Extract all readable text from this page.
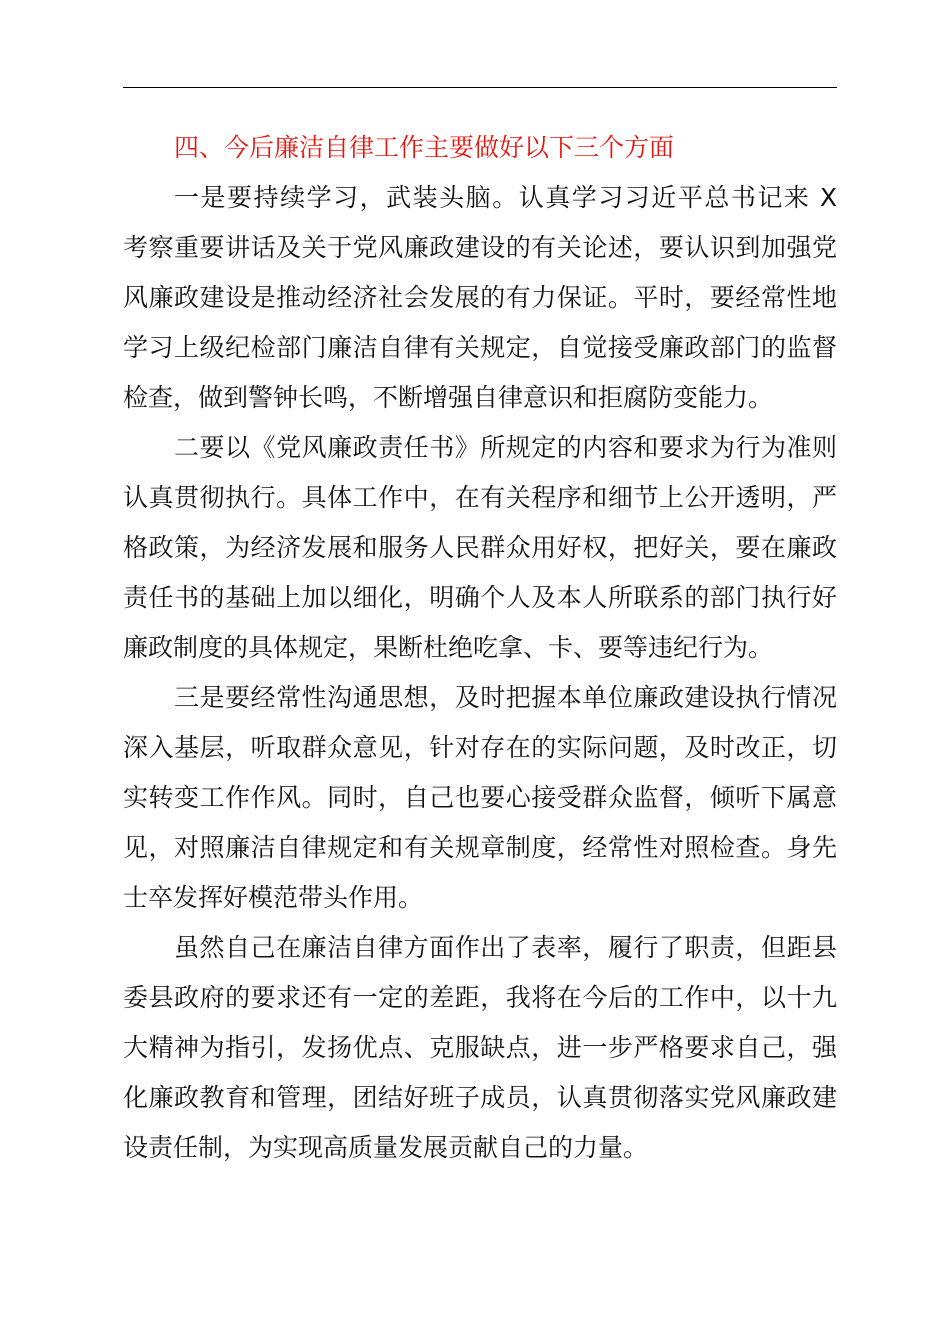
四、今后廉洁自律工作主要做好以下三个方面
一是要持续学习，武装头脑。认真学习习近平总书记来 X
考察重要讲话及关于党风廉政建设的有关论述，要认识到加强党
风廉政建设是推动经济社会发展的有力保证。平时，要经常性地
学习上级纪检部门廉洁自律有关规定，自觉接受廉政部门的监督
检查，做到警钟长鸣，不断增强自律意识和拒腐防变能力。
二要以《党风廉政责任书》所规定的内容和要求为行为准则
认真贯彻执行。具体工作中，在有关程序和细节上公开透明，严
格政策，为经济发展和服务人民群众用好权，把好关，要在廉政
责任书的基础上加以细化，明确个人及本人所联系的部门执行好
廉政制度的具体规定，果断杜绝吃拿、卡、要等违纪行为。
三是要经常性沟通思想，及时把握本单位廉政建设执行情况
深入基层，听取群众意见，针对存在的实际问题，及时改正，切
实转变工作作风。同时，自己也要心接受群众监督，倾听下属意
见，对照廉洁自律规定和有关规章制度，经常性对照检查。身先
士卒发挥好模范带头作用。
虽然自己在廉洁自律方面作出了表率，履行了职责，但距县
委县政府的要求还有一定的差距，我将在今后的工作中，以十九
大精神为指引，发扬优点、克服缺点，进一步严格要求自己，强
化廉政教育和管理，团结好班子成员，认真贯彻落实党风廉政建
设责任制，为实现高质量发展贡献自己的力量。
